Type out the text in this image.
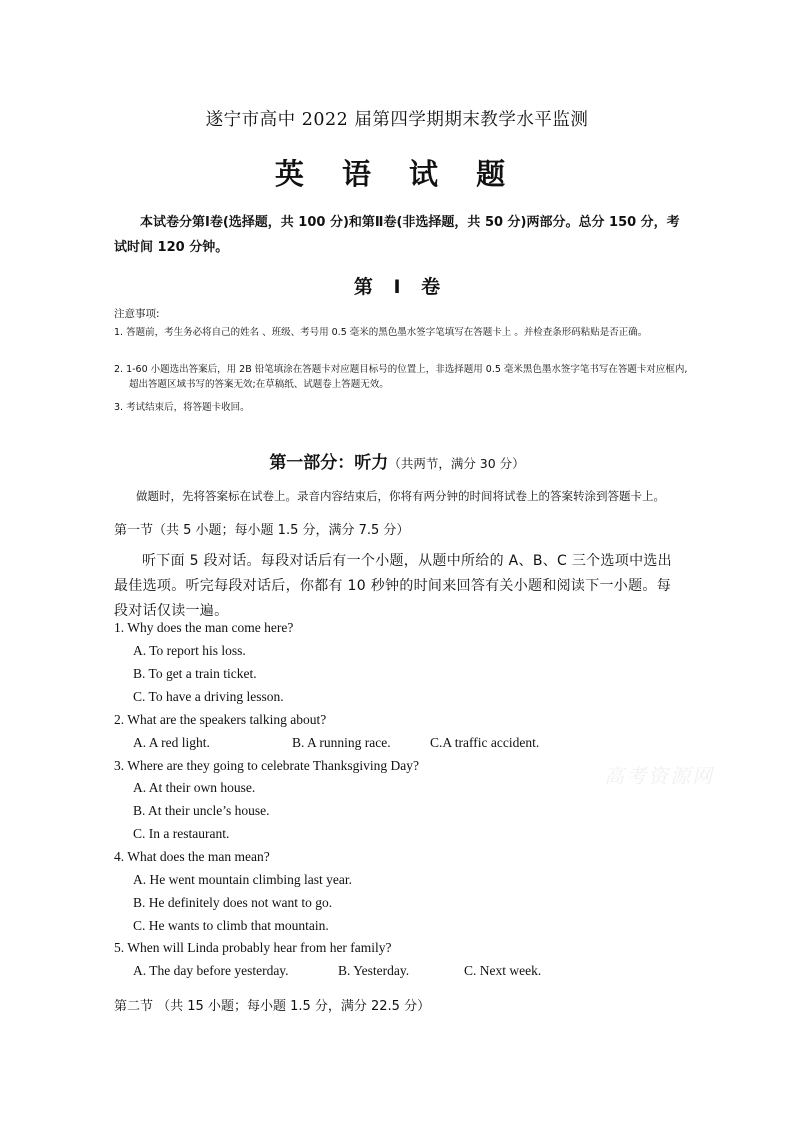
遂宁市高中 2022 届第四学期期末教学水平监测
英 语 试 题
本试卷分第Ⅰ卷(选择题，共 100 分)和第Ⅱ卷(非选择题，共 50 分)两部分。总分 150 分，考试时间 120 分钟。
第 Ⅰ 卷
注意事项:
1. 答题前，考生务必将自己的姓名 、班级、考号用 0.5 毫米的黑色墨水签字笔填写在答题卡上 。并检查条形码粘贴是否正确。
2. 1-60 小题选出答案后，用 2B 铅笔填涂在答题卡对应题目标号的位置上，非选择题用 0.5 毫米黑色墨水签字笔书写在答题卡对应框内,超出答题区域书写的答案无效;在草稿纸、试题卷上答题无效。
3. 考试结束后，将答题卡收回。
第一部分：听力（共两节，满分 30 分）
做题时，先将答案标在试卷上。录音内容结束后，你将有两分钟的时间将试卷上的答案转涂到答题卡上。
第一节（共 5 小题；每小题 1.5 分，满分 7.5 分）
听下面 5 段对话。每段对话后有一个小题，从题中所给的 A、B、C 三个选项中选出最佳选项。听完每段对话后，你都有 10 秒钟的时间来回答有关小题和阅读下一小题。每段对话仅读一遍。
1. Why does the man come here?
A. To report his loss.
B. To get a train ticket.
C. To have a driving lesson.
2. What are the speakers talking about?
A. A red light.	B. A running race.	C.A traffic accident.
3. Where are they going to celebrate Thanksgiving Day?
A. At their own house.
B. At their uncle’s house.
C. In a restaurant.
4. What does the man mean?
A. He went mountain climbing last year.
B. He definitely does not want to go.
C. He wants to climb that mountain.
5. When will Linda probably hear from her family?
A. The day before yesterday.	B. Yesterday.	C. Next week.
第二节 （共 15 小题；每小题 1.5 分，满分 22.5 分）
高考资源网
